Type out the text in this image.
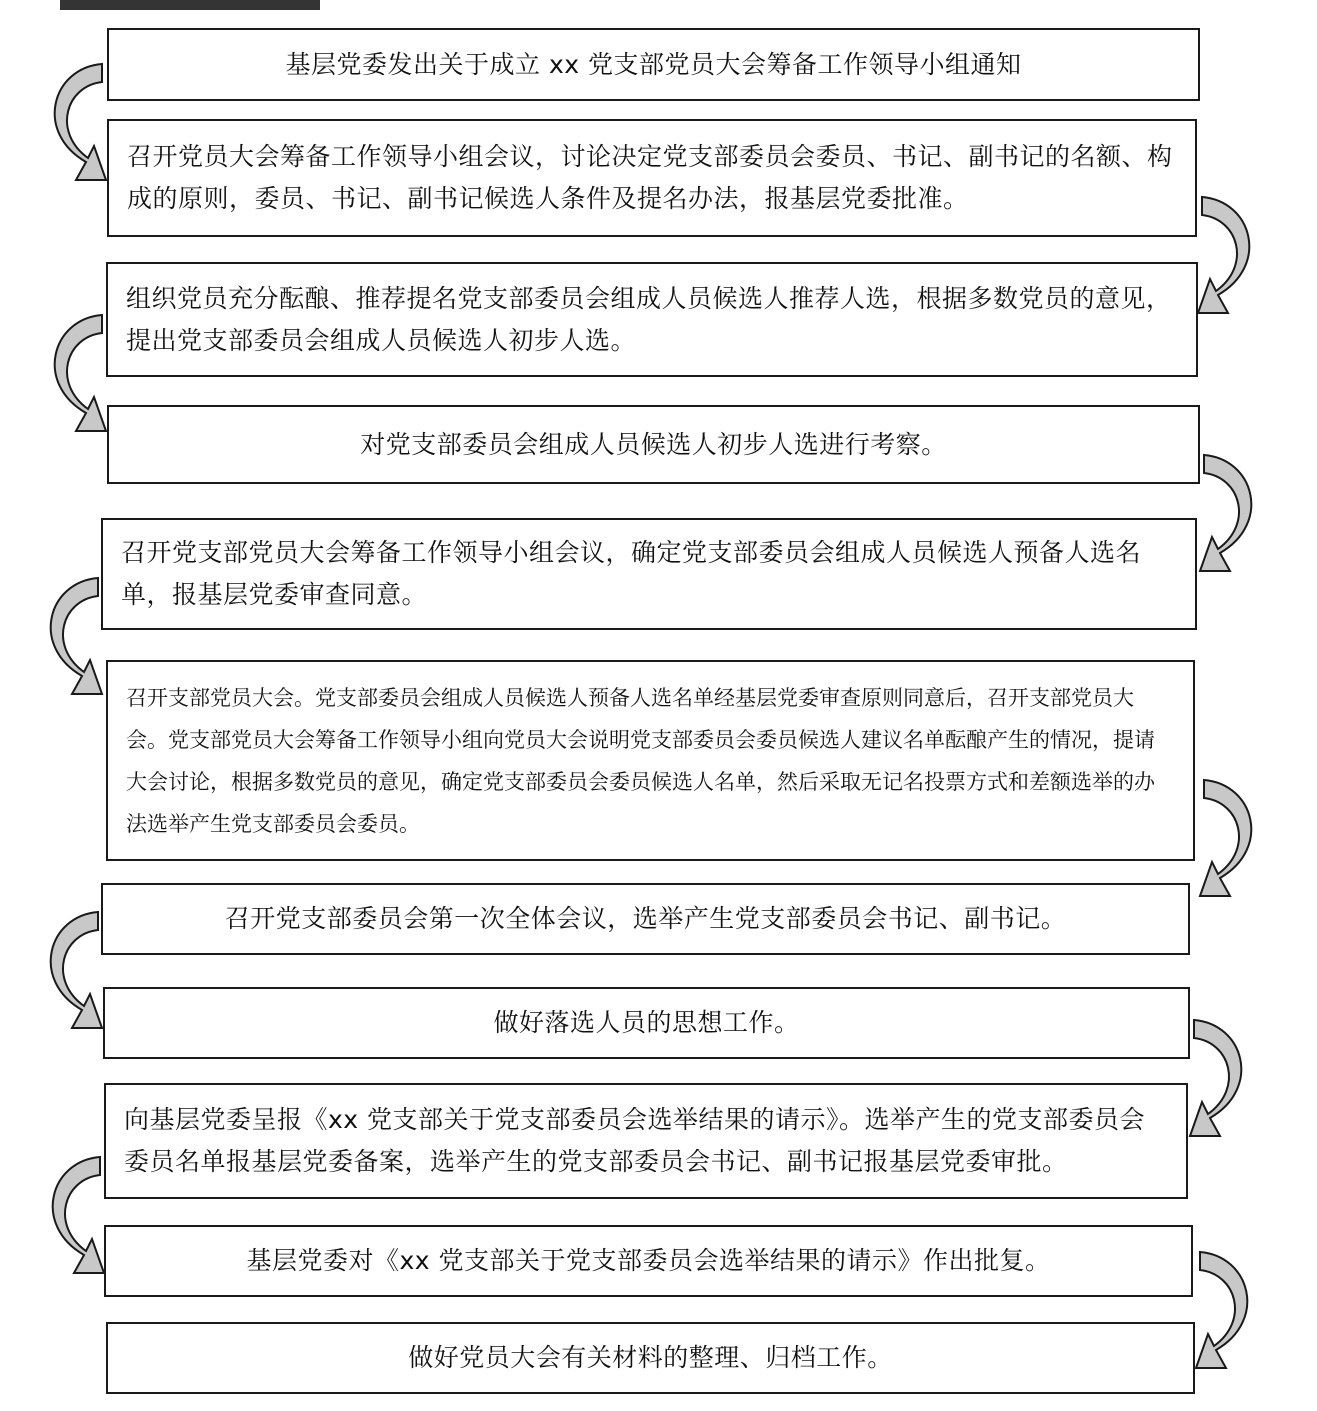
基层党委发出关于成立 xx 党支部党员大会筹备工作领导小组通知
召开党员大会筹备工作领导小组会议，讨论决定党支部委员会委员、书记、副书记的名额、构成的原则，委员、书记、副书记候选人条件及提名办法，报基层党委批准。
组织党员充分酝酿、推荐提名党支部委员会组成人员候选人推荐人选，根据多数党员的意见，提出党支部委员会组成人员候选人初步人选。
对党支部委员会组成人员候选人初步人选进行考察。
召开党支部党员大会筹备工作领导小组会议，确定党支部委员会组成人员候选人预备人选名单，报基层党委审查同意。
召开支部党员大会。党支部委员会组成人员候选人预备人选名单经基层党委审查原则同意后，召开支部党员大会。党支部党员大会筹备工作领导小组向党员大会说明党支部委员会委员候选人建议名单酝酿产生的情况，提请大会讨论，根据多数党员的意见，确定党支部委员会委员候选人名单，然后采取无记名投票方式和差额选举的办法选举产生党支部委员会委员。
召开党支部委员会第一次全体会议，选举产生党支部委员会书记、副书记。
做好落选人员的思想工作。
向基层党委呈报《xx 党支部关于党支部委员会选举结果的请示》。选举产生的党支部委员会委员名单报基层党委备案，选举产生的党支部委员会书记、副书记报基层党委审批。
基层党委对《xx 党支部关于党支部委员会选举结果的请示》作出批复。
做好党员大会有关材料的整理、归档工作。
